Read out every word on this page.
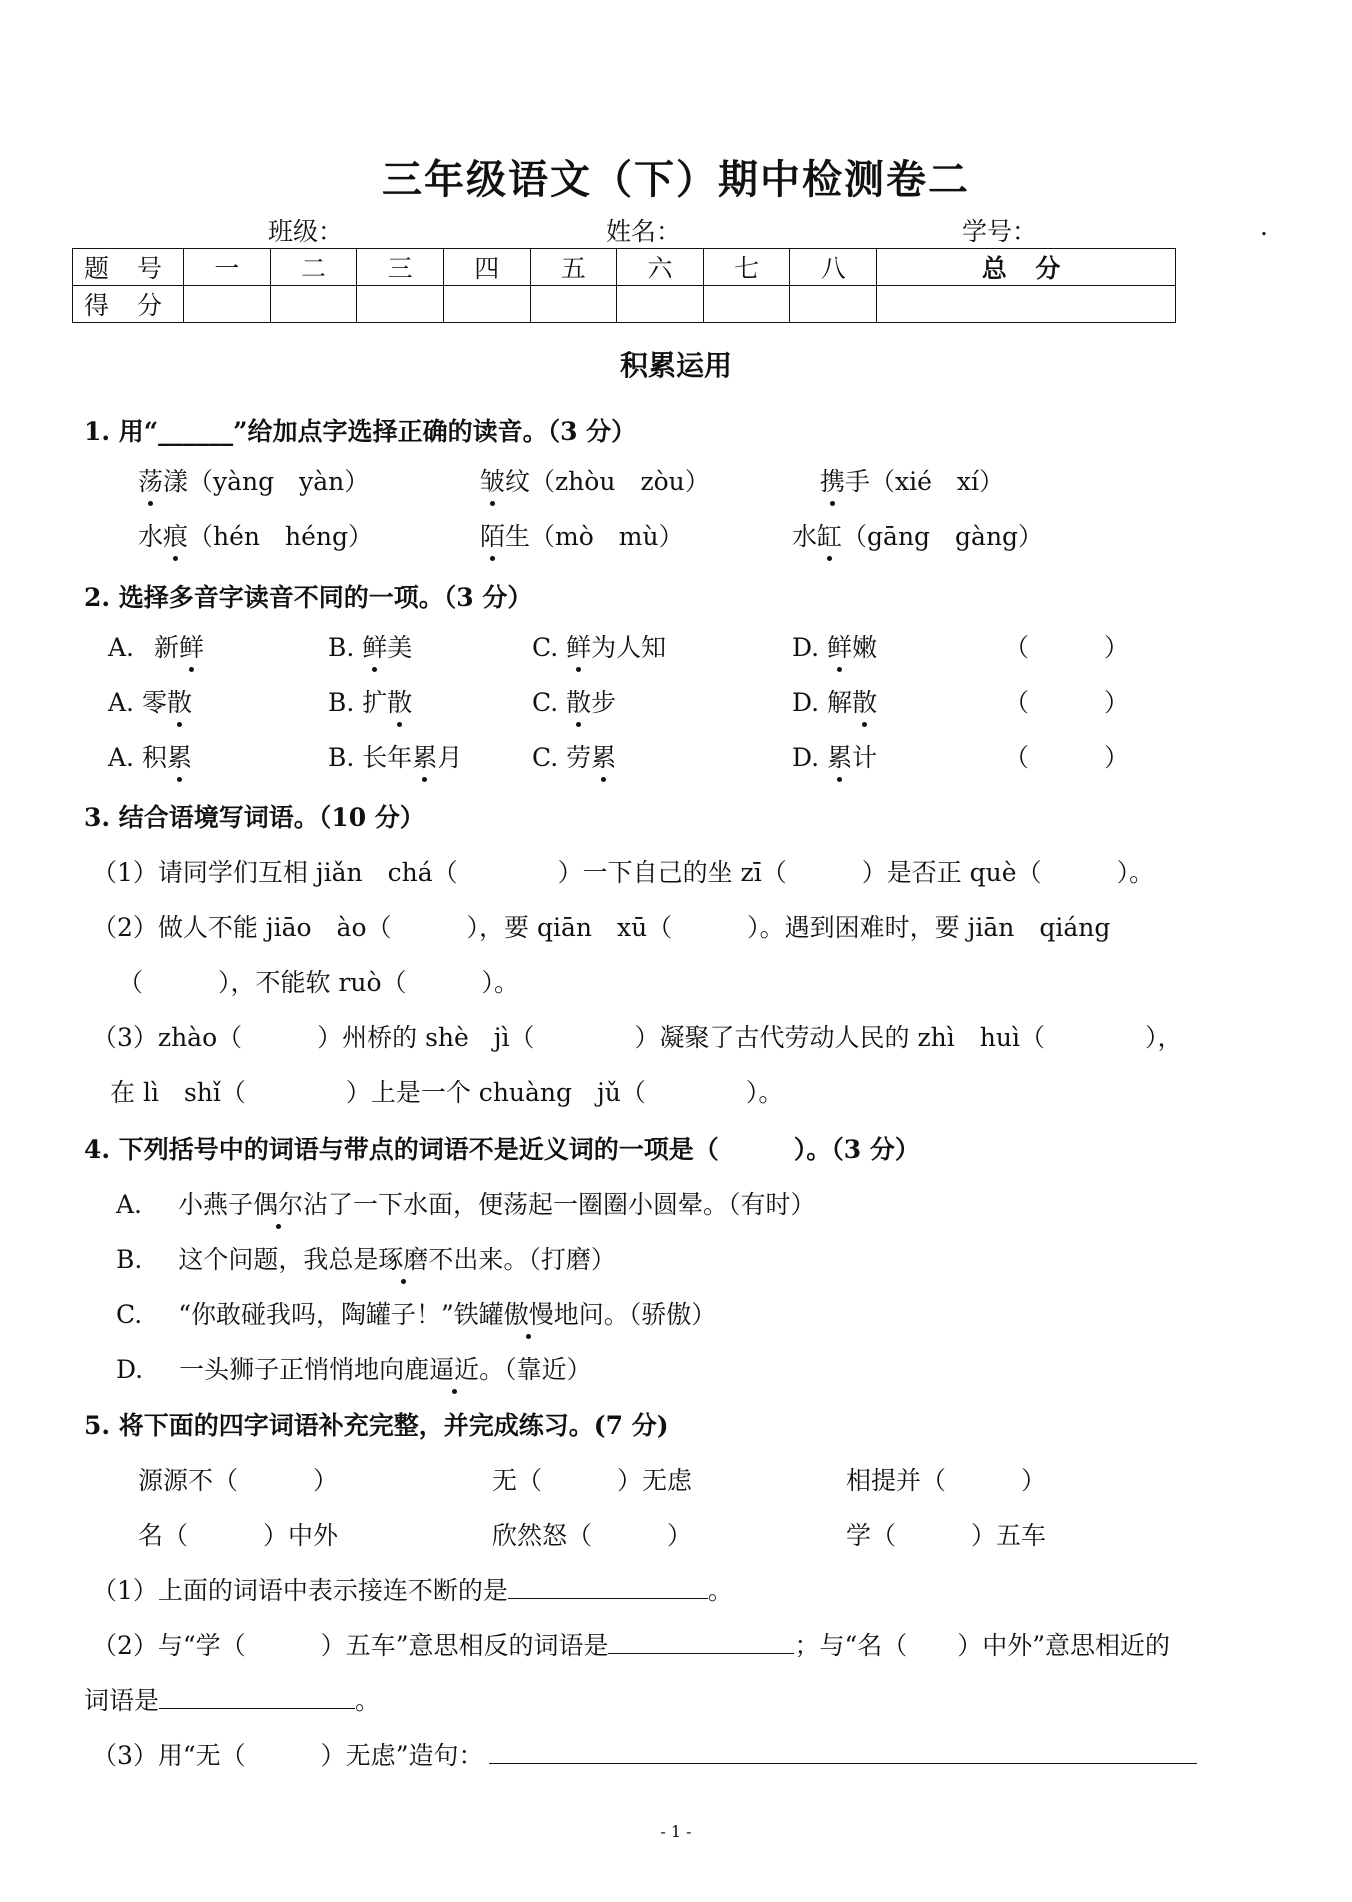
三年级语文（下）期中检测卷二
班级：	姓名：	学号：	.
题 号	一	二	三	四	五	六	七	八	总 分
得 分									
积累运用
1. 用“______”给加点字选择正确的读音。（3 分）
荡漾（yàng　yàn）	皱纹（zhòu　zòu）	携手（xié　xí）
水痕（hén　héng）	陌生（mò　mù）	水缸（gāng　gàng）
2. 选择多音字读音不同的一项。（3 分）
A. 新鲜	B. 鲜美	C. 鲜为人知	D. 鲜嫩	（　　　）
A. 零散	B. 扩散	C. 散步	D. 解散	（　　　）
A. 积累	B. 长年累月	C. 劳累	D. 累计	（　　　）
3. 结合语境写词语。（10 分）
（1）请同学们互相 jiǎn　chá（　　　　）一下自己的坐 zī（　　　）是否正 què（　　　）。
（2）做人不能 jiāo　ào（　　　），要 qiān　xū（　　　）。遇到困难时，要 jiān　qiáng
（　　　），不能软 ruò（　　　）。
（3）zhào（　　　）州桥的 shè　jì（　　　　）凝聚了古代劳动人民的 zhì　huì（　　　　），
在 lì　shǐ（　　　　）上是一个 chuàng　jǔ（　　　　）。
4. 下列括号中的词语与带点的词语不是近义词的一项是（　　　）。（3 分）
A. 小燕子偶尔沾了一下水面，便荡起一圈圈小圆晕。（有时）
B. 这个问题，我总是琢磨不出来。（打磨）
C. “你敢碰我吗，陶罐子！”铁罐傲慢地问。（骄傲）
D. 一头狮子正悄悄地向鹿逼近。（靠近）
5. 将下面的四字词语补充完整，并完成练习。(7 分)
源源不（　　　）	无（　　　）无虑	相提并（　　　）
名（　　　）中外	欣然怒（　　　）	学（　　　）五车
（1）上面的词语中表示接连不断的是	。
（2）与“学（　　　）五车”意思相反的词语是	；与“名（　　）中外”意思相近的
词语是	。
（3）用“无（　　　）无虑”造句：
- 1 -
